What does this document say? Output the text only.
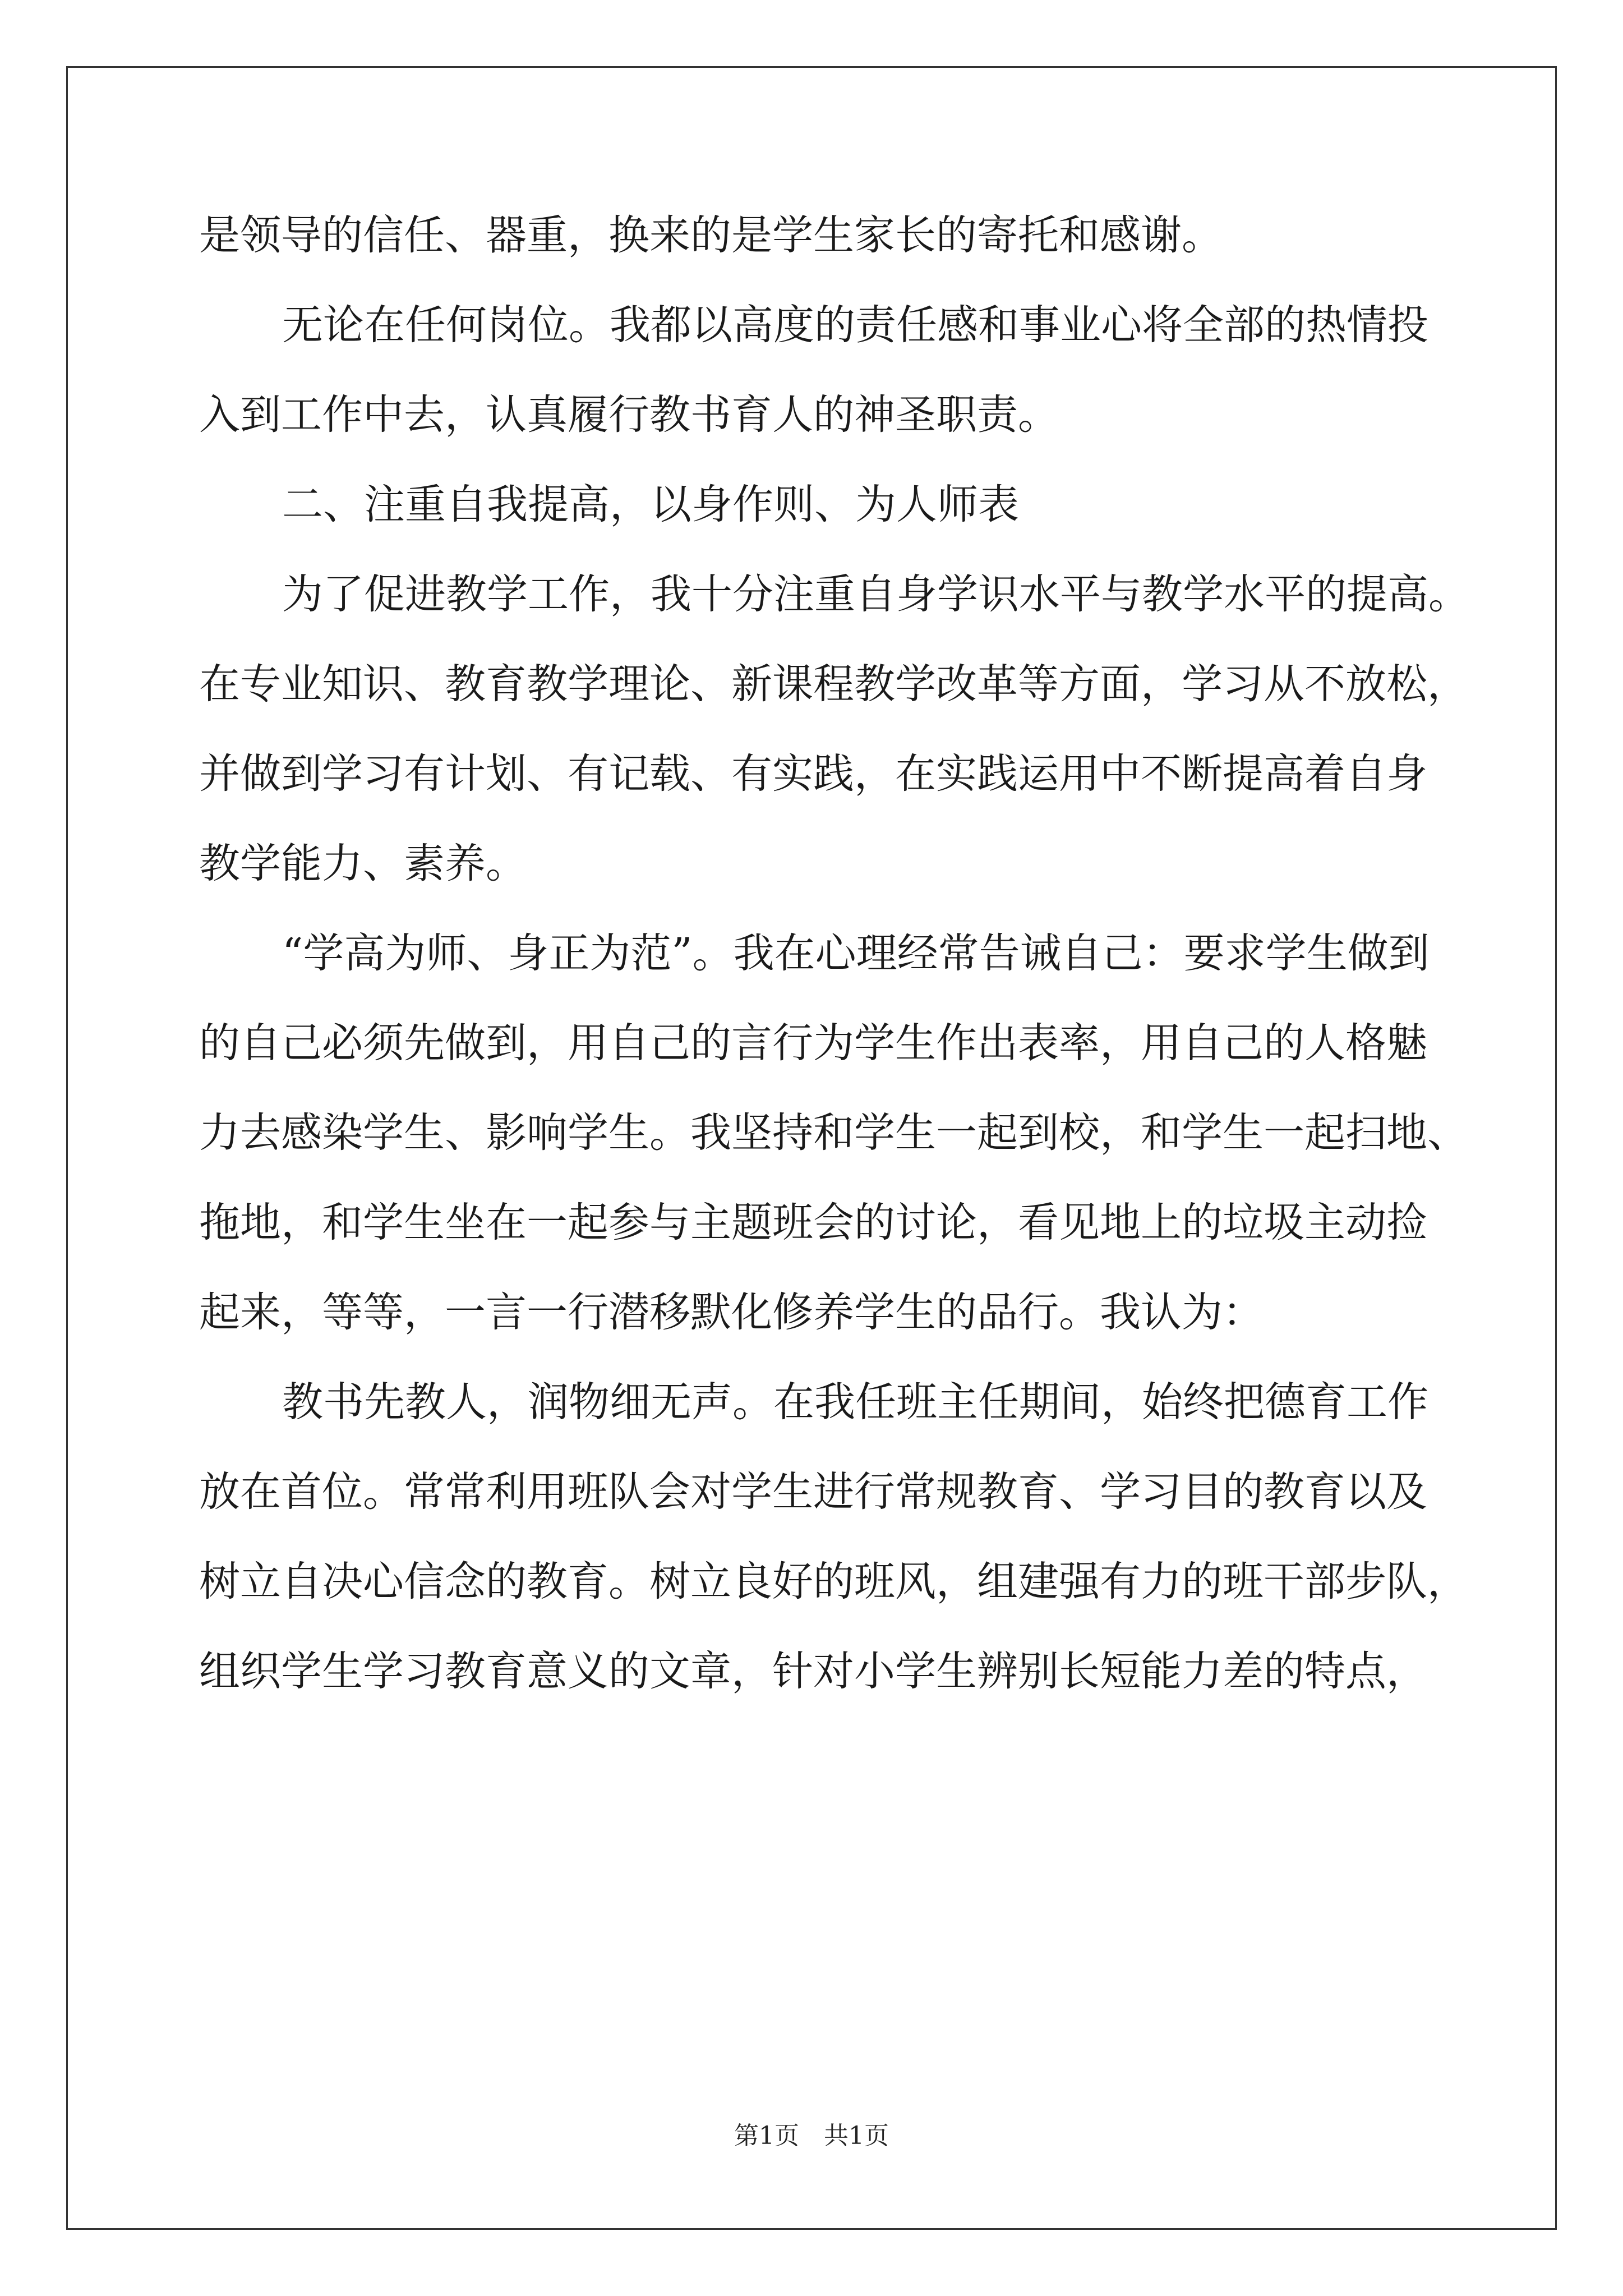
是领导的信任、器重，换来的是学生家长的寄托和感谢。
无论在任何岗位。我都以高度的责任感和事业心将全部的热情投
入到工作中去，认真履行教书育人的神圣职责。
二、注重自我提高，以身作则、为人师表
为了促进教学工作，我十分注重自身学识水平与教学水平的提高。
在专业知识、教育教学理论、新课程教学改革等方面，学习从不放松，
并做到学习有计划、有记载、有实践，在实践运用中不断提高着自身
教学能力、素养。
“学高为师、身正为范”。我在心理经常告诫自己：要求学生做到
的自己必须先做到，用自己的言行为学生作出表率，用自己的人格魅
力去感染学生、影响学生。我坚持和学生一起到校，和学生一起扫地、
拖地，和学生坐在一起参与主题班会的讨论，看见地上的垃圾主动捡
起来，等等，一言一行潜移默化修养学生的品行。我认为：
教书先教人，润物细无声。在我任班主任期间，始终把德育工作
放在首位。常常利用班队会对学生进行常规教育、学习目的教育以及
树立自决心信念的教育。树立良好的班风，组建强有力的班干部步队，
组织学生学习教育意义的文章，针对小学生辨别长短能力差的特点，
第1页　共1页
